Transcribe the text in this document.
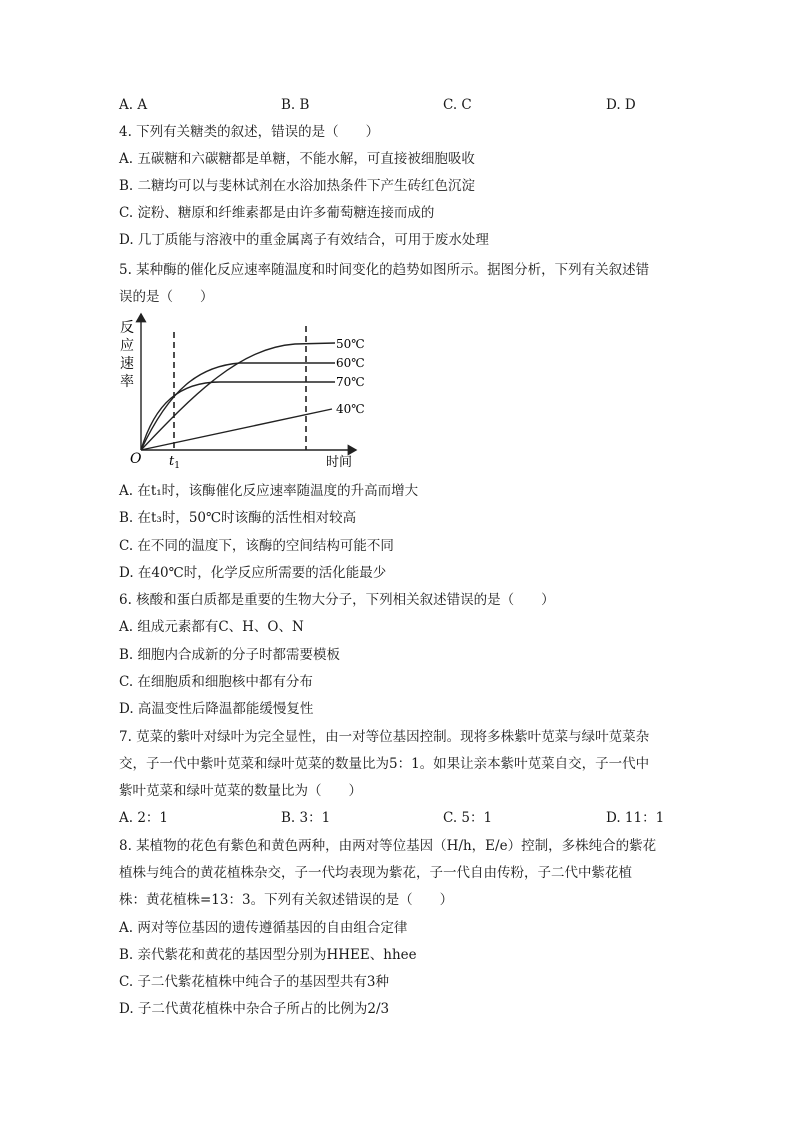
A. A	B. B	C. C	D. D
4. 下列有关糖类的叙述，错误的是（　　）
A. 五碳糖和六碳糖都是单糖，不能水解，可直接被细胞吸收
B. 二糖均可以与斐林试剂在水浴加热条件下产生砖红色沉淀
C. 淀粉、糖原和纤维素都是由许多葡萄糖连接而成的
D. 几丁质能与溶液中的重金属离子有效结合，可用于废水处理
5. 某种酶的催化反应速率随温度和时间变化的趋势如图所示。据图分析，下列有关叙述错
误的是（　　）
反
应
速
率
O	时间
$t_1$
50℃
60℃
70℃
40℃
A. 在t₁时，该酶催化反应速率随温度的升高而增大
B. 在t₃时，50℃时该酶的活性相对较高
C. 在不同的温度下，该酶的空间结构可能不同
D. 在40℃时，化学反应所需要的活化能最少
6. 核酸和蛋白质都是重要的生物大分子，下列相关叙述错误的是（　　）
A. 组成元素都有C、H、O、N
B. 细胞内合成新的分子时都需要模板
C. 在细胞质和细胞核中都有分布
D. 高温变性后降温都能缓慢复性
7. 苋菜的紫叶对绿叶为完全显性，由一对等位基因控制。现将多株紫叶苋菜与绿叶苋菜杂
交，子一代中紫叶苋菜和绿叶苋菜的数量比为5：1。如果让亲本紫叶苋菜自交，子一代中
紫叶苋菜和绿叶苋菜的数量比为（　　）
A. 2：1	B. 3：1	C. 5：1	D. 11：1
8. 某植物的花色有紫色和黄色两种，由两对等位基因（H/h，E/e）控制，多株纯合的紫花
植株与纯合的黄花植株杂交，子一代均表现为紫花，子一代自由传粉，子二代中紫花植
株：黄花植株=13：3。下列有关叙述错误的是（　　）
A. 两对等位基因的遗传遵循基因的自由组合定律
B. 亲代紫花和黄花的基因型分别为HHEE、hhee
C. 子二代紫花植株中纯合子的基因型共有3种
D. 子二代黄花植株中杂合子所占的比例为2/3
